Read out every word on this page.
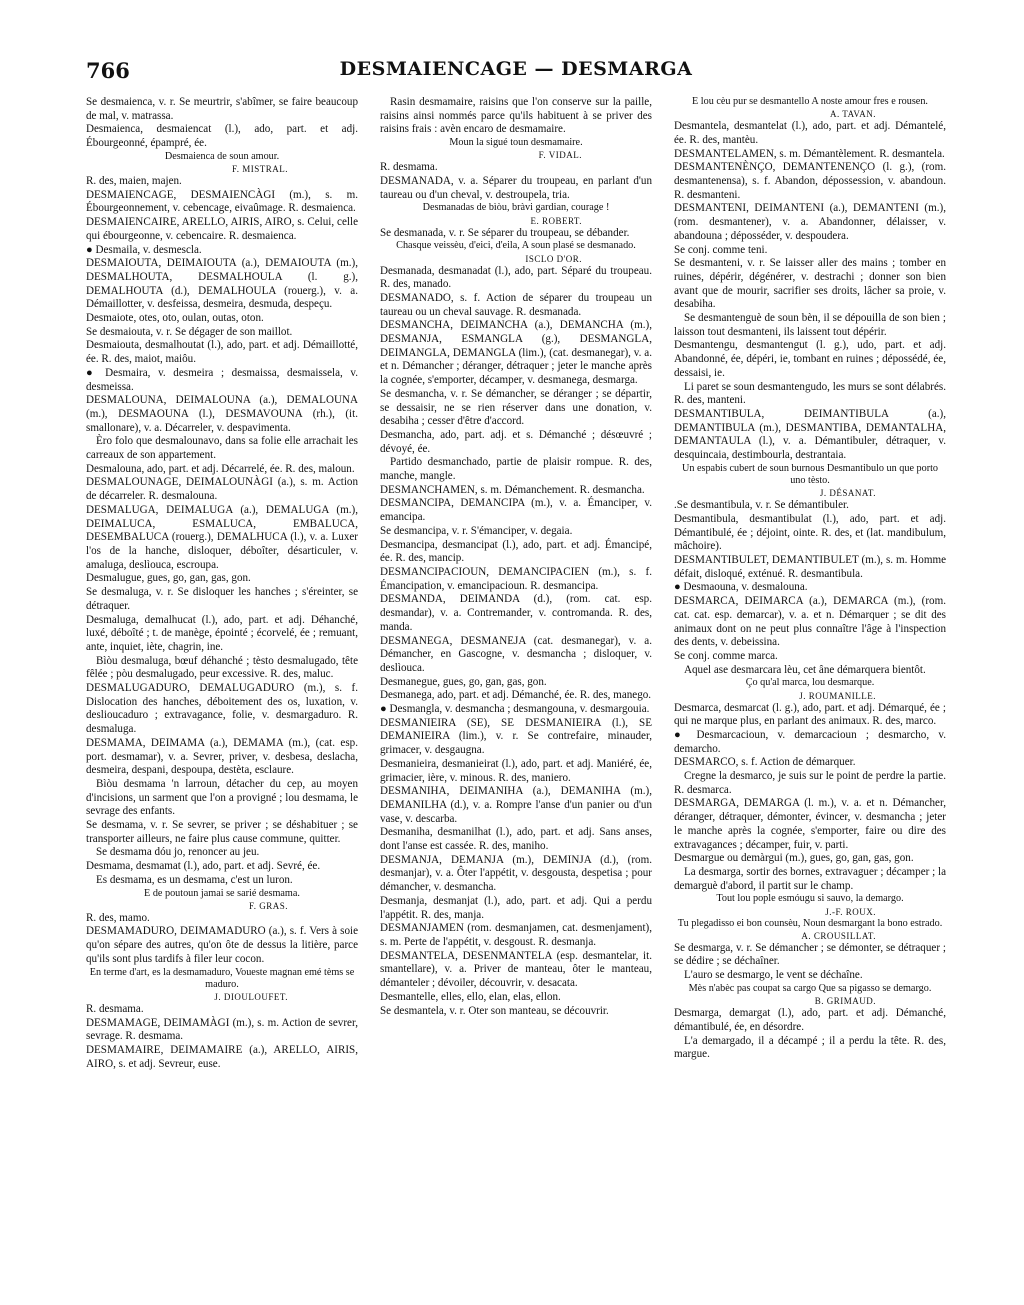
766	DESMAIENCAGE — DESMARGA

Se desmaienca, v. r. Se meurtrir, s'abîmer, se faire beaucoup de mal, v. matrassa.

Desmaienca, desmaiencat (l.), ado, part. et adj. Ébourgeonné, épampré, ée.

Desmaienca de soun amour.

F. MISTRAL.

R. des, maien, majen.

DESMAIENCAGE, DESMAIENCÀGI (m.), s. m. Ébourgeonnement, v. cebencage, eivaûmage. R. desmaienca.

DESMAIENCAIRE, ARELLO, AIRIS, AIRO, s. Celui, celle qui ébourgeonne, v. cebencaire. R. desmaienca.

● Desmaila, v. desmescla.

DESMAIOUTA, DEIMAIOUTA (a.), DEMAIOUTA (m.), DESMALHOUTA, DESMALHOULA (l. g.), DEMALHOUTA (d.), DEMALHOULA (rouerg.), v. a. Démaillotter, v. desfeissa, desmeira, desmuda, despeçu.

Desmaiote, otes, oto, oulan, outas, oton.

Se desmaiouta, v. r. Se dégager de son maillot.

Desmaiouta, desmalhoutat (l.), ado, part. et adj. Démaillotté, ée. R. des, maiot, maiôu.

● Desmaira, v. desmeira ; desmaissa, desmaissela, v. desmeissa.

DESMALOUNA, DEIMALOUNA (a.), DEMALOUNA (m.), DESMAOUNA (l.), DESMAVOUNA (rh.), (it. smallonare), v. a. Décarreler, v. despavimenta.

Èro folo que desmalounavo, dans sa folie elle arrachait les carreaux de son appartement.

Desmalouna, ado, part. et adj. Décarrelé, ée. R. des, maloun.

DESMALOUNAGE, DEIMALOUNÀGI (a.), s. m. Action de décarreler. R. desmalouna.

DESMALUGA, DEIMALUGA (a.), DEMALUGA (m.), DEIMALUCA, ESMALUCA, EMBALUCA, DESEMBALUCA (rouerg.), DEMALHUCA (l.), v. a. Luxer l'os de la hanche, disloquer, déboîter, désarticuler, v. amaluga, deslìouca, escroupa.

Desmalugue, gues, go, gan, gas, gon.

Se desmaluga, v. r. Se disloquer les hanches ; s'éreinter, se détraquer.

Desmaluga, demalhucat (l.), ado, part. et adj. Déhanché, luxé, déboîté ; t. de manège, épointé ; écorvelé, ée ; remuant, ante, inquiet, iète, chagrin, ine.

Bìòu desmaluga, bœuf déhanché ; tèsto desmalugado, tête fêlée ; pòu desmalugado, peur excessive. R. des, maluc.

DESMALUGADURO, DEMALUGADURO (m.), s. f. Dislocation des hanches, déboitement des os, luxation, v. deslioucaduro ; extravagance, folie, v. desmargaduro. R. desmaluga.

DESMAMA, DEIMAMA (a.), DEMAMA (m.), (cat. esp. port. desmamar), v. a. Sevrer, priver, v. desbesa, deslacha, desmeira, despani, despoupa, destèta, esclaure.

Bìòu desmama 'n larroun, détacher du cep, au moyen d'incisions, un sarment que l'on a provigné ; lou desmama, le sevrage des enfants.

Se desmama, v. r. Se sevrer, se priver ; se déshabituer ; se transporter ailleurs, ne faire plus cause commune, quitter.

Se desmama dóu jo, renoncer au jeu.

Desmama, desmamat (l.), ado, part. et adj. Sevré, ée.

Es desmama, es un desmama, c'est un luron.

E de poutoun jamai se sarié desmama.

F. GRAS.

R. des, mamo.

DESMAMADURO, DEIMAMADURO (a.), s. f. Vers à soie qu'on sépare des autres, qu'on ôte de dessus la litière, parce qu'ils sont plus tardifs à filer leur cocon.

En terme d'art, es la desmamaduro, Voueste magnan emé tèms se maduro.

J. DIOULOUFET.

R. desmama.

DESMAMAGE, DEIMAMÀGI (m.), s. m. Action de sevrer, sevrage. R. desmama.

DESMAMAIRE, DEIMAMAIRE (a.), ARELLO, AIRIS, AIRO, s. et adj. Sevreur, euse.

Rasin desmamaire, raisins que l'on conserve sur la paille, raisins ainsi nommés parce qu'ils habituent à se priver des raisins frais : avèn encaro de desmamaire.

Moun la sigué toun desmamaire.

F. VIDAL.

R. desmama.

DESMANADA, v. a. Séparer du troupeau, en parlant d'un taureau ou d'un cheval, v. destroupela, tria.

Desmanadas de bìòu, bràvi gardian, courage !

E. ROBERT.

Se desmanada, v. r. Se séparer du troupeau, se débander.

Chasque veissèu, d'eici, d'eila, A soun plasé se desmanado.

ISCLO D'OR.

Desmanada, desmanadat (l.), ado, part. Séparé du troupeau. R. des, manado.

DESMANADO, s. f. Action de séparer du troupeau un taureau ou un cheval sauvage. R. desmanada.

DESMANCHA, DEIMANCHA (a.), DEMANCHA (m.), DESMANJA, ESMANGLA (g.), DESMANGLA, DEIMANGLA, DEMANGLA (lim.), (cat. desmanegar), v. a. et n. Démancher ; déranger, détraquer ; jeter le manche après la cognée, s'emporter, décamper, v. desmanega, desmarga.

Se desmancha, v. r. Se démancher, se déranger ; se départir, se dessaisir, ne se rien réserver dans une donation, v. desabiha ; cesser d'être d'accord.

Desmancha, ado, part. adj. et s. Démanché ; désœuvré ; dévoyé, ée.

Partido desmanchado, partie de plaisir rompue. R. des, manche, mangle.

DESMANCHAMEN, s. m. Démanchement. R. desmancha.

DESMANCIPA, DEMANCIPA (m.), v. a. Émanciper, v. emancipa.

Se desmancipa, v. r. S'émanciper, v. degaia.

Desmancipa, desmancipat (l.), ado, part. et adj. Émancipé, ée. R. des, mancip.

DESMANCIPACIOUN, DEMANCIPACIEN (m.), s. f. Émancipation, v. emancipacioun. R. desmancipa.

DESMANDA, DEIMANDA (d.), (rom. cat. esp. desmandar), v. a. Contremander, v. contromanda. R. des, manda.

DESMANEGA, DESMANEJA (cat. desmanegar), v. a. Démancher, en Gascogne, v. desmancha ; disloquer, v. deslìouca.

Desmanegue, gues, go, gan, gas, gon.

Desmanega, ado, part. et adj. Démanché, ée. R. des, manego.

● Desmangla, v. desmancha ; desmangouna, v. desmargouia.

DESMANIEIRA (SE), SE DESMANIEIRA (l.), SE DEMANIEIRA (lim.), v. r. Se contrefaire, minauder, grimacer, v. desgaugna.

Desmanieira, desmanieirat (l.), ado, part. et adj. Maniéré, ée, grimacier, ière, v. minous. R. des, maniero.

DESMANIHA, DEIMANIHA (a.), DEMANIHA (m.), DEMANILHA (d.), v. a. Rompre l'anse d'un panier ou d'un vase, v. descarba.

Desmaniha, desmanilhat (l.), ado, part. et adj. Sans anses, dont l'anse est cassée. R. des, maniho.

DESMANJA, DEMANJA (m.), DEMINJA (d.), (rom. desmanjar), v. a. Ôter l'appétit, v. desgousta, despetisa ; pour démancher, v. desmancha.

Desmanja, desmanjat (l.), ado, part. et adj. Qui a perdu l'appétit. R. des, manja.

DESMANJAMEN (rom. desmanjamen, cat. desmenjament), s. m. Perte de l'appétit, v. desgoust. R. desmanja.

DESMANTELA, DESENMANTELA (esp. desmantelar, it. smantellare), v. a. Priver de manteau, ôter le manteau, démanteler ; dévoiler, découvrir, v. desacata.

Desmantelle, elles, ello, elan, elas, ellon.

Se desmantela, v. r. Oter son manteau, se découvrir.

E lou cèu pur se desmantello A noste amour fres e rousen.

A. TAVAN.

Desmantela, desmantelat (l.), ado, part. et adj. Démantelé, ée. R. des, mantèu.

DESMANTELAMEN, s. m. Démantèlement. R. desmantela.

DESMANTENÈNÇO, DEMANTENENÇO (l. g.), (rom. desmantenensa), s. f. Abandon, dépossession, v. abandoun. R. desmanteni.

DESMANTENI, DEIMANTENI (a.), DEMANTENI (m.), (rom. desmantener), v. a. Abandonner, délaisser, v. abandouna ; déposséder, v. despoudera.

Se conj. comme teni.

Se desmanteni, v. r. Se laisser aller des mains ; tomber en ruines, dépérir, dégénérer, v. destrachi ; donner son bien avant que de mourir, sacrifier ses droits, lâcher sa proie, v. desabiha.

Se desmantenguè de soun bèn, il se dépouilla de son bien ; laisson tout desmanteni, ils laissent tout dépérir.

Desmantengu, desmantengut (l. g.), udo, part. et adj. Abandonné, ée, dépéri, ie, tombant en ruines ; dépossédé, ée, dessaisi, ie.

Li paret se soun desmantengudo, les murs se sont délabrés. R. des, manteni.

DESMANTIBULA, DEIMANTIBULA (a.), DEMANTIBULA (m.), DESMANTIBA, DEMANTALHA, DEMANTAULA (l.), v. a. Démantibuler, détraquer, v. desquincaia, destimbourla, destrantaia.

Un espabis cubert de soun burnous Desmantibulo un que porto uno tèsto.

J. DÉSANAT.

.Se desmantibula, v. r. Se démantibuler.

Desmantibula, desmantibulat (l.), ado, part. et adj. Démantibulé, ée ; déjoint, ointe. R. des, et (lat. mandibulum, mâchoire).

DESMANTIBULET, DEMANTIBULET (m.), s. m. Homme défait, disloqué, exténué. R. desmantibula.

● Desmaouna, v. desmalouna.

DESMARCA, DEIMARCA (a.), DEMARCA (m.), (rom. cat. cat. esp. demarcar), v. a. et n. Démarquer ; se dit des animaux dont on ne peut plus connaître l'âge à l'inspection des dents, v. debeissina.

Se conj. comme marca.

Aquel ase desmarcara lèu, cet âne démarquera bientôt.

Ço qu'al marca, lou desmarque.

J. ROUMANILLE.

Desmarca, desmarcat (l. g.), ado, part. et adj. Démarqué, ée ; qui ne marque plus, en parlant des animaux. R. des, marco.

● Desmarcacioun, v. demarcacioun ; desmarcho, v. demarcho.

DESMARCO, s. f. Action de démarquer.

Cregne la desmarco, je suis sur le point de perdre la partie. R. desmarca.

DESMARGA, DEMARGA (l. m.), v. a. et n. Démancher, déranger, détraquer, démonter, évincer, v. desmancha ; jeter le manche après la cognée, s'emporter, faire ou dire des extravagances ; décamper, fuir, v. parti.

Desmargue ou demàrgui (m.), gues, go, gan, gas, gon.

La desmarga, sortir des bornes, extravaguer ; décamper ; la demarguè d'abord, il partit sur le champ.

Tout lou pople esmóugu si sauvo, la demargo.

J.-F. ROUX.

Tu plegadisso ei bon counsèu, Noun desmargant la bono estrado.

A. CROUSILLAT.

Se desmarga, v. r. Se démancher ; se démonter, se détraquer ; se dédire ; se déchaîner.

L'auro se desmargo, le vent se déchaîne.

Mès n'abèc pas coupat sa cargo Que sa pigasso se demargo.

B. GRIMAUD.

Desmarga, demargat (l.), ado, part. et adj. Démanché, démantibulé, ée, en désordre.

L'a demargado, il a décampé ; il a perdu la tête. R. des, margue.
